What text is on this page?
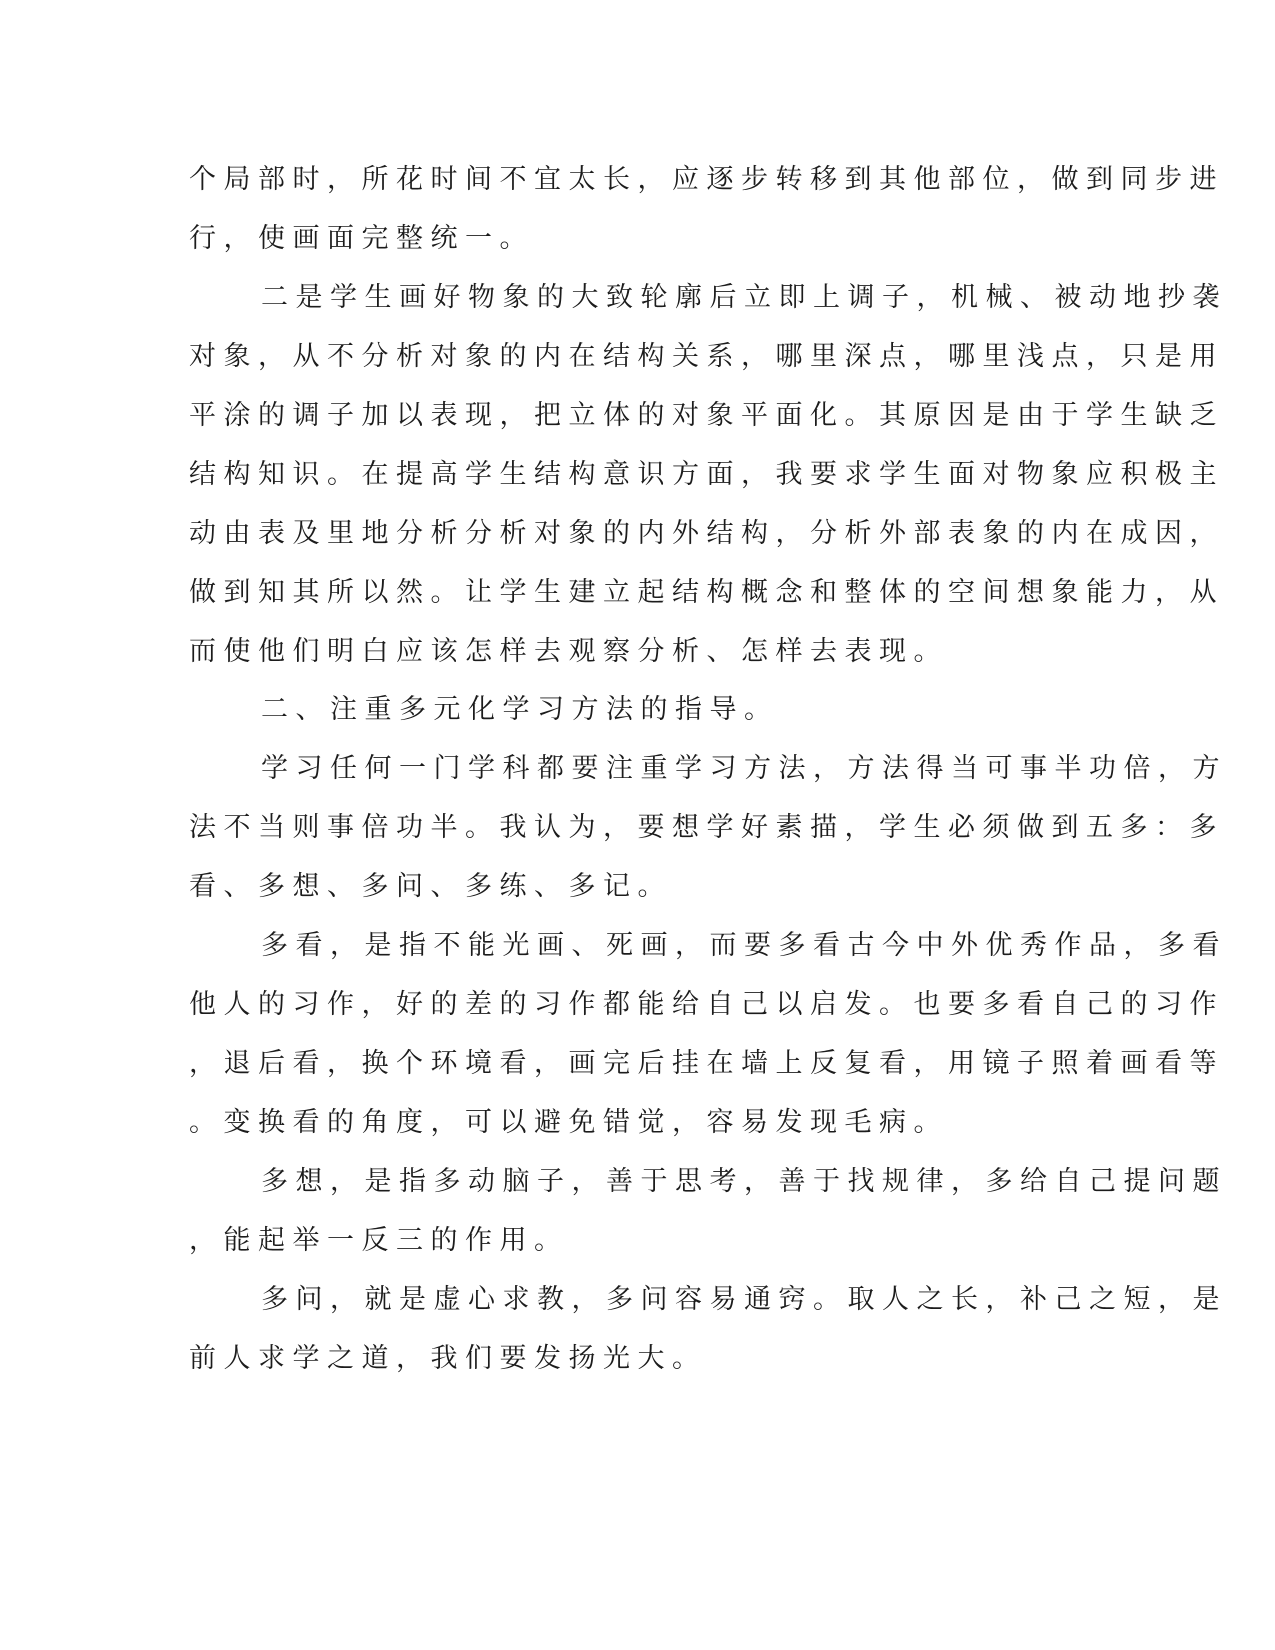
个局部时，所花时间不宜太长，应逐步转移到其他部位，做到同步进
行，使画面完整统一。
二是学生画好物象的大致轮廓后立即上调子，机械、被动地抄袭
对象，从不分析对象的内在结构关系，哪里深点，哪里浅点，只是用
平涂的调子加以表现，把立体的对象平面化。其原因是由于学生缺乏
结构知识。在提高学生结构意识方面，我要求学生面对物象应积极主
动由表及里地分析分析对象的内外结构，分析外部表象的内在成因，
做到知其所以然。让学生建立起结构概念和整体的空间想象能力，从
而使他们明白应该怎样去观察分析、怎样去表现。
二、注重多元化学习方法的指导。
学习任何一门学科都要注重学习方法，方法得当可事半功倍，方
法不当则事倍功半。我认为，要想学好素描，学生必须做到五多：多
看、多想、多问、多练、多记。
多看，是指不能光画、死画，而要多看古今中外优秀作品，多看
他人的习作，好的差的习作都能给自己以启发。也要多看自己的习作
，退后看，换个环境看，画完后挂在墙上反复看，用镜子照着画看等
。变换看的角度，可以避免错觉，容易发现毛病。
多想，是指多动脑子，善于思考，善于找规律，多给自己提问题
，能起举一反三的作用。
多问，就是虚心求教，多问容易通窍。取人之长，补己之短，是
前人求学之道，我们要发扬光大。
